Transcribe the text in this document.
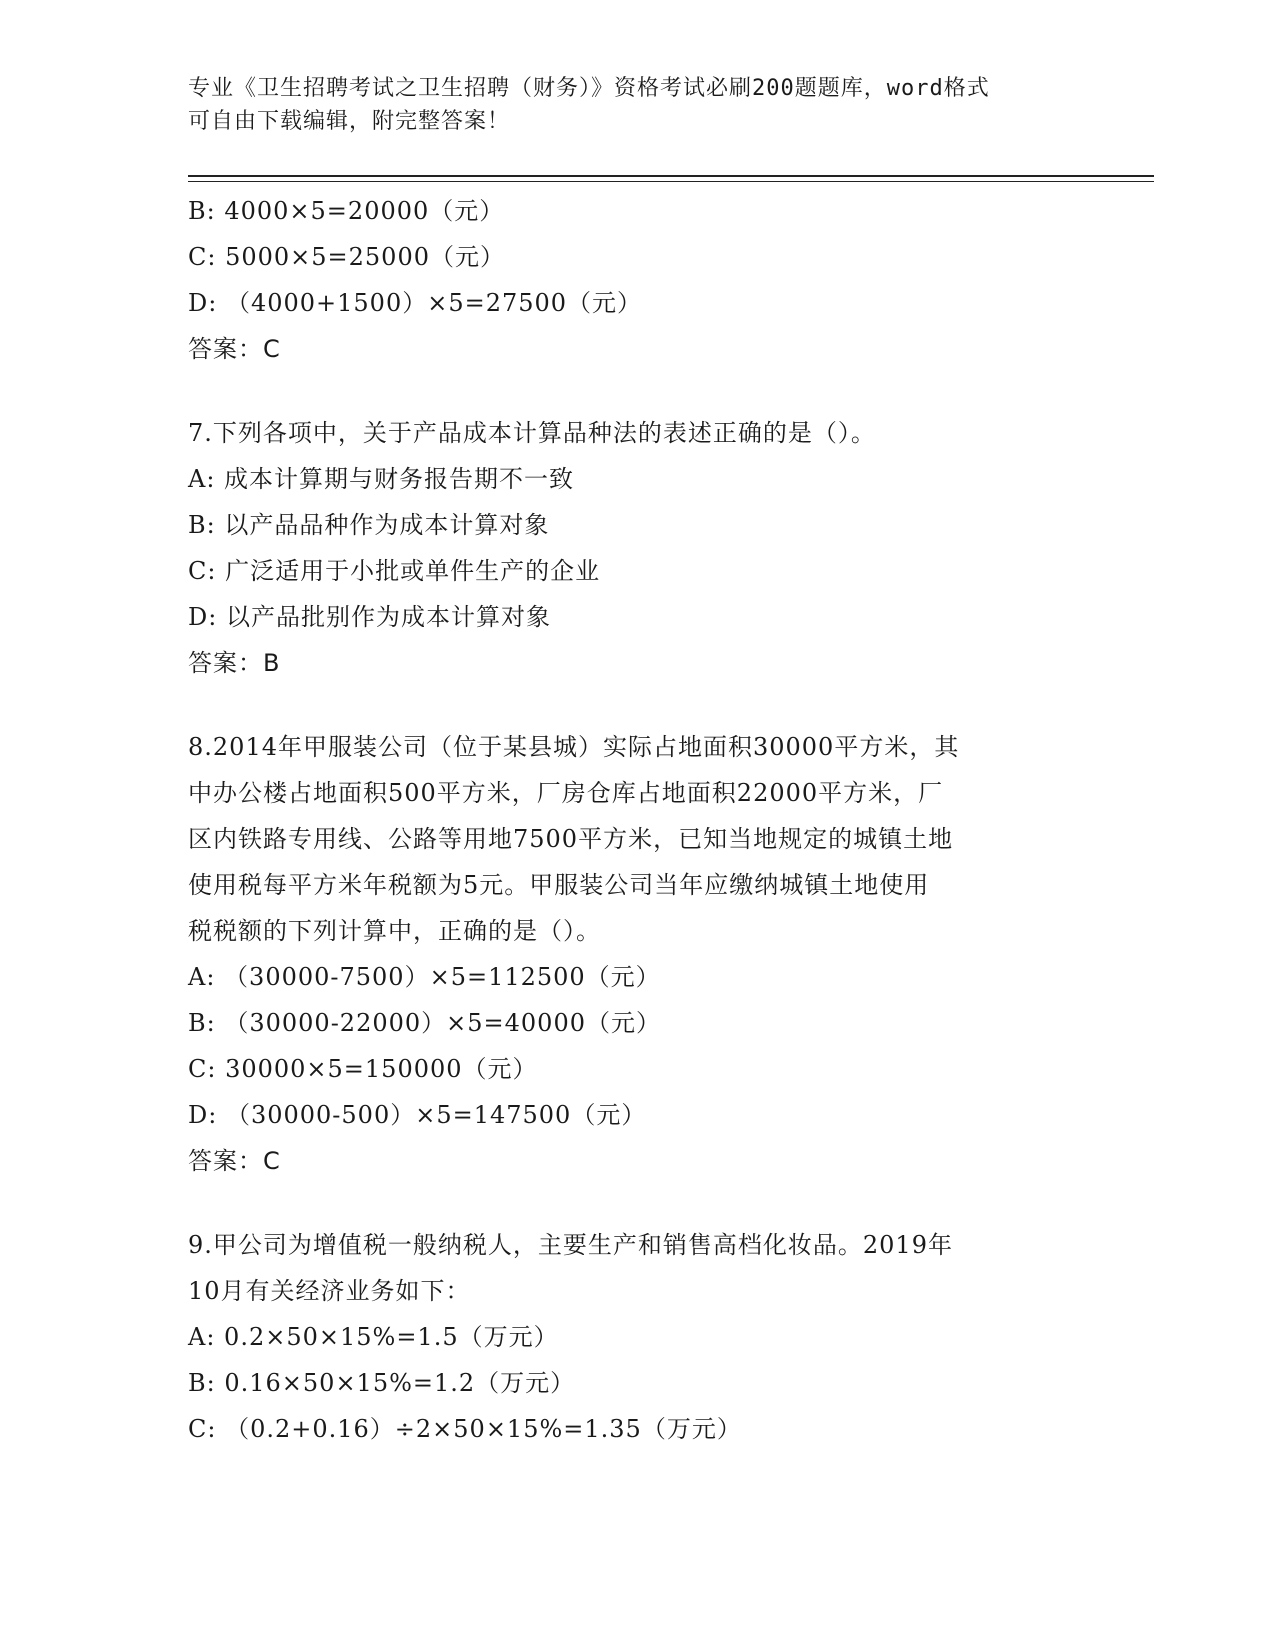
专业《卫生招聘考试之卫生招聘（财务）》资格考试必刷200题题库，word格式
可自由下载编辑，附完整答案！
B: 4000×5=20000（元）
C: 5000×5=25000（元）
D: （4000+1500）×5=27500（元）
答案：C
7.下列各项中，关于产品成本计算品种法的表述正确的是（）。
A: 成本计算期与财务报告期不一致
B: 以产品品种作为成本计算对象
C: 广泛适用于小批或单件生产的企业
D: 以产品批别作为成本计算对象
答案：B
8.2014年甲服装公司（位于某县城）实际占地面积30000平方米，其
中办公楼占地面积500平方米，厂房仓库占地面积22000平方米，厂
区内铁路专用线、公路等用地7500平方米，已知当地规定的城镇土地
使用税每平方米年税额为5元。甲服装公司当年应缴纳城镇土地使用
税税额的下列计算中，正确的是（）。
A: （30000-7500）×5=112500（元）
B: （30000-22000）×5=40000（元）
C: 30000×5=150000（元）
D: （30000-500）×5=147500（元）
答案：C
9.甲公司为增值税一般纳税人，主要生产和销售高档化妆品。2019年
10月有关经济业务如下：
A: 0.2×50×15%=1.5（万元）
B: 0.16×50×15%=1.2（万元）
C: （0.2+0.16）÷2×50×15%=1.35（万元）
